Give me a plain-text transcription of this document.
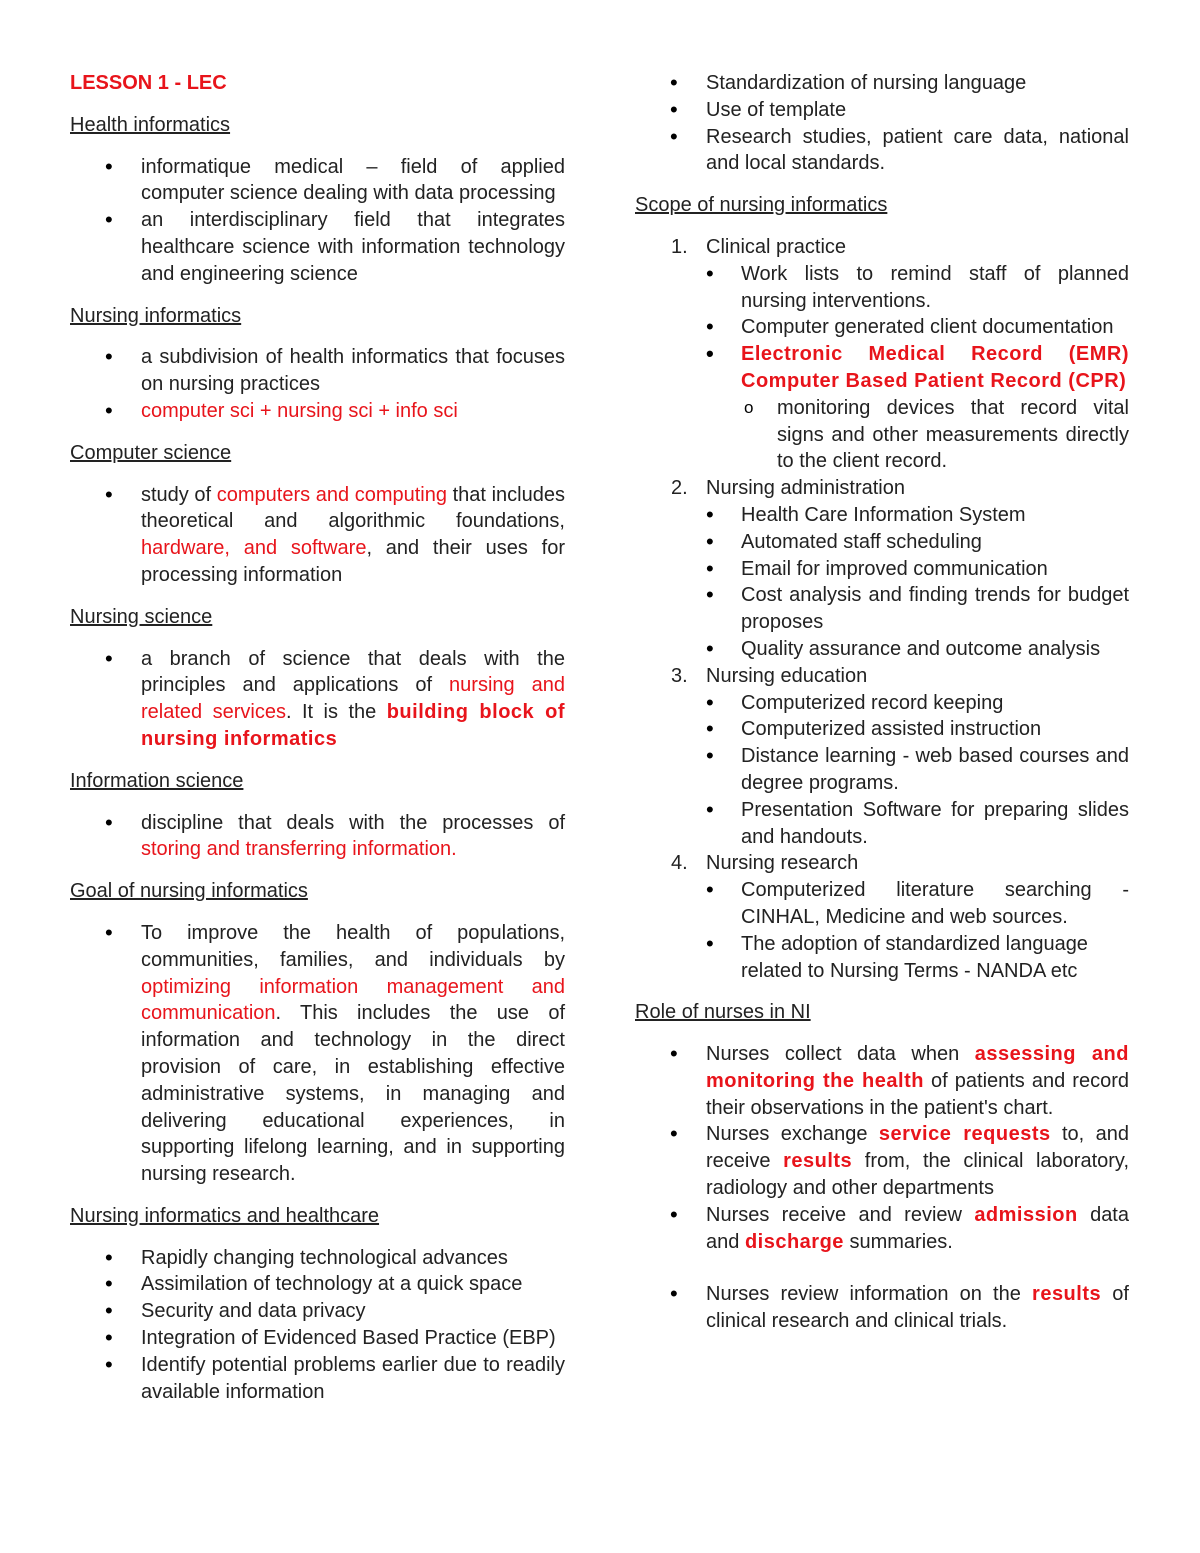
LESSON 1 - LEC

Health informatics

• informatique medical – field of applied computer science dealing with data processing
• an interdisciplinary field that integrates healthcare science with information technology and engineering science

Nursing informatics

• a subdivision of health informatics that focuses on nursing practices
• computer sci + nursing sci + info sci

Computer science

• study of computers and computing that includes theoretical and algorithmic foundations, hardware, and software, and their uses for processing information

Nursing science

• a branch of science that deals with the principles and applications of nursing and related services. It is the building block of nursing informatics

Information science

• discipline that deals with the processes of storing and transferring information.

Goal of nursing informatics

• To improve the health of populations, communities, families, and individuals by optimizing information management and communication. This includes the use of information and technology in the direct provision of care, in establishing effective administrative systems, in managing and delivering educational experiences, in supporting lifelong learning, and in supporting nursing research.

Nursing informatics and healthcare

• Rapidly changing technological advances
• Assimilation of technology at a quick space
• Security and data privacy
• Integration of Evidenced Based Practice (EBP)
• Identify potential problems earlier due to readily available information
• Standardization of nursing language
• Use of template
• Research studies, patient care data, national and local standards.

Scope of nursing informatics

1. Clinical practice
• Work lists to remind staff of planned nursing interventions.
• Computer generated client documentation
• Electronic Medical Record (EMR) Computer Based Patient Record (CPR)
o monitoring devices that record vital signs and other measurements directly to the client record.
2. Nursing administration
• Health Care Information System
• Automated staff scheduling
• Email for improved communication
• Cost analysis and finding trends for budget proposes
• Quality assurance and outcome analysis
3. Nursing education
• Computerized record keeping
• Computerized assisted instruction
• Distance learning - web based courses and degree programs.
• Presentation Software for preparing slides and handouts.
4. Nursing research
• Computerized literature searching - CINHAL, Medicine and web sources.
• The adoption of standardized language related to Nursing Terms - NANDA etc

Role of nurses in NI

• Nurses collect data when assessing and monitoring the health of patients and record their observations in the patient's chart.
• Nurses exchange service requests to, and receive results from, the clinical laboratory, radiology and other departments
• Nurses receive and review admission data and discharge summaries.
• Nurses review information on the results of clinical research and clinical trials.
